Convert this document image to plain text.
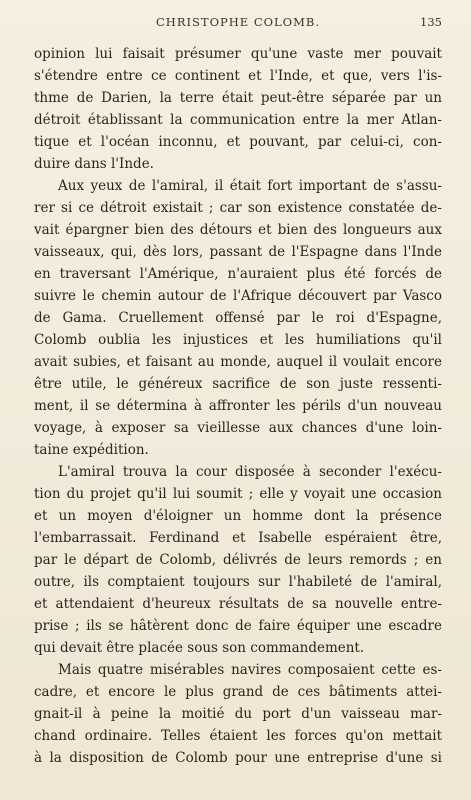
CHRISTOPHE COLOMB.	135
opinion lui faisait présumer qu'une vaste mer pouvait
s'étendre entre ce continent et l'Inde, et que, vers l'is-
thme de Darien, la terre était peut-être séparée par un
détroit établissant la communication entre la mer Atlan-
tique et l'océan inconnu, et pouvant, par celui-ci, con-
duire dans l'Inde.
Aux yeux de l'amiral, il était fort important de s'assu-
rer si ce détroit existait ; car son existence constatée de-
vait épargner bien des détours et bien des longueurs aux
vaisseaux, qui, dès lors, passant de l'Espagne dans l'Inde
en traversant l'Amérique, n'auraient plus été forcés de
suivre le chemin autour de l'Afrique découvert par Vasco
de Gama. Cruellement offensé par le roi d'Espagne,
Colomb oublia les injustices et les humiliations qu'il
avait subies, et faisant au monde, auquel il voulait encore
être utile, le généreux sacrifice de son juste ressenti-
ment, il se détermina à affronter les périls d'un nouveau
voyage, à exposer sa vieillesse aux chances d'une loin-
taine expédition.
L'amiral trouva la cour disposée à seconder l'exécu-
tion du projet qu'il lui soumit ; elle y voyait une occasion
et un moyen d'éloigner un homme dont la présence
l'embarrassait. Ferdinand et Isabelle espéraient être,
par le départ de Colomb, délivrés de leurs remords ; en
outre, ils comptaient toujours sur l'habileté de l'amiral,
et attendaient d'heureux résultats de sa nouvelle entre-
prise ; ils se hâtèrent donc de faire équiper une escadre
qui devait être placée sous son commandement.
Mais quatre misérables navires composaient cette es-
cadre, et encore le plus grand de ces bâtiments attei-
gnait-il à peine la moitié du port d'un vaisseau mar-
chand ordinaire. Telles étaient les forces qu'on mettait
à la disposition de Colomb pour une entreprise d'une si
